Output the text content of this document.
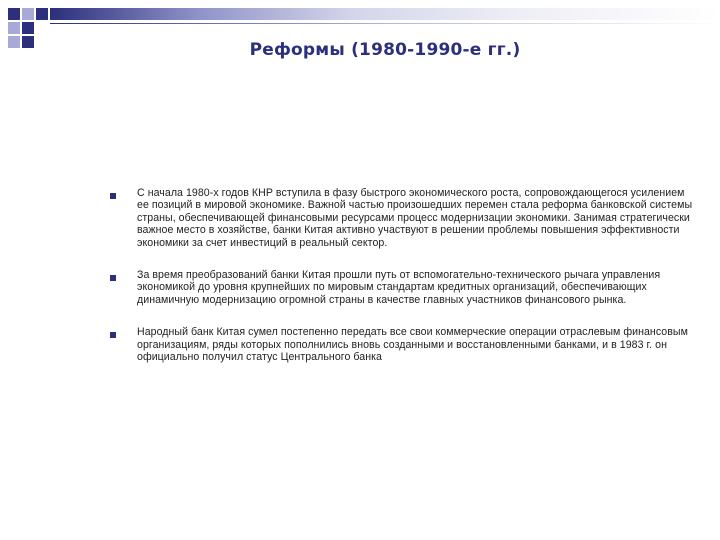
Реформы (1980-1990-е гг.)
С начала 1980-х годов КНР вступила в фазу быстрого экономического роста, сопровождающегося усилением ее позиций в мировой экономике. Важной частью произошедших перемен стала реформа банковской системы страны, обеспечивающей финансовыми ресурсами процесс модернизации экономики. Занимая стратегически важное место в хозяйстве, банки Китая активно участвуют в решении проблемы повышения эффективности экономики за счет инвестиций в реальный сектор.
За время преобразований банки Китая прошли путь от вспомогательно-технического рычага управления экономикой до уровня крупнейших по мировым стандартам кредитных организаций, обеспечивающих динамичную модернизацию огромной страны в качестве главных участников финансового рынка.
Народный банк Китая сумел постепенно передать все свои коммерческие операции отраслевым финансовым организациям, ряды которых пополнились вновь созданными и восстановленными банками, и в 1983 г. он официально получил статус Центрального банка
